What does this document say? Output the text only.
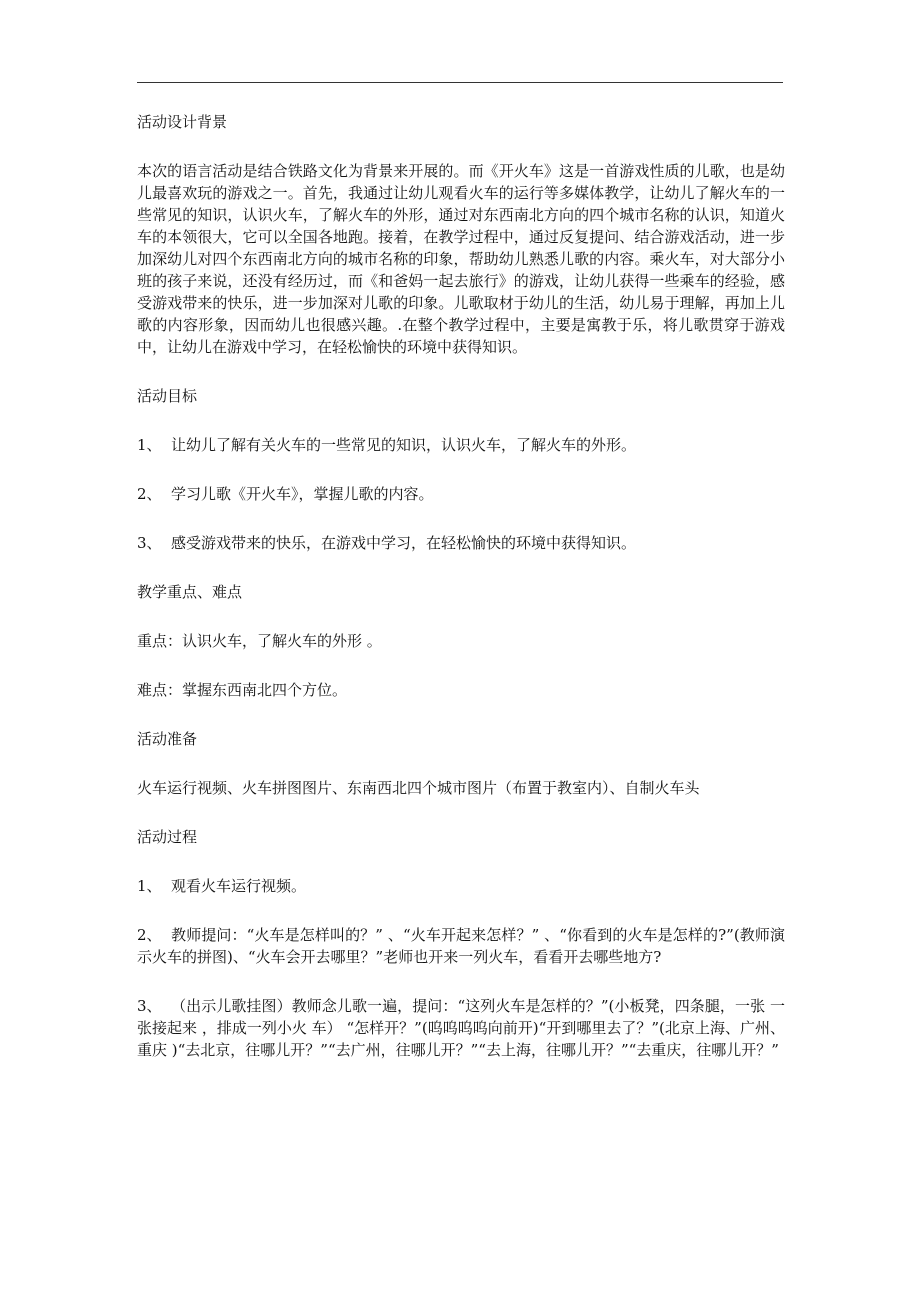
活动设计背景

本次的语言活动是结合铁路文化为背景来开展的。而《开火车》这是一首游戏性质的儿歌，也是幼儿最喜欢玩的游戏之一。首先，我通过让幼儿观看火车的运行等多媒体教学，让幼儿了解火车的一些常见的知识，认识火车，了解火车的外形，通过对东西南北方向的四个城市名称的认识，知道火车的本领很大，它可以全国各地跑。接着，在教学过程中，通过反复提问、结合游戏活动，进一步加深幼儿对四个东西南北方向的城市名称的印象，帮助幼儿熟悉儿歌的内容。乘火车，对大部分小班的孩子来说，还没有经历过，而《和爸妈一起去旅行》的游戏，让幼儿获得一些乘车的经验，感受游戏带来的快乐，进一步加深对儿歌的印象。儿歌取材于幼儿的生活，幼儿易于理解，再加上儿歌的内容形象，因而幼儿也很感兴趣。.在整个教学过程中，主要是寓教于乐，将儿歌贯穿于游戏中，让幼儿在游戏中学习，在轻松愉快的环境中获得知识。

活动目标

1、 让幼儿了解有关火车的一些常见的知识，认识火车，了解火车的外形。

2、 学习儿歌《开火车》，掌握儿歌的内容。

3、 感受游戏带来的快乐，在游戏中学习，在轻松愉快的环境中获得知识。

教学重点、难点

重点：认识火车，了解火车的外形 。

难点：掌握东西南北四个方位。

活动准备

火车运行视频、火车拼图图片、东南西北四个城市图片（布置于教室内）、自制火车头

活动过程

1、 观看火车运行视频。

2、 教师提问：“火车是怎样叫的？” 、“火车开起来怎样？” 、“你看到的火车是怎样的?”(教师演示火车的拼图)、“火车会开去哪里？”老师也开来一列火车，看看开去哪些地方?

3、 （出示儿歌挂图）教师念儿歌一遍，提问：“这列火车是怎样的？”(小板凳，四条腿，一张 一张接起来 ，排成一列小火 车） “怎样开？”(呜呜呜呜向前开)“开到哪里去了？”(北京上海、广州、重庆 )“去北京，往哪儿开？”“去广州，往哪儿开？”“去上海，往哪儿开？”“去重庆，往哪儿开？”
